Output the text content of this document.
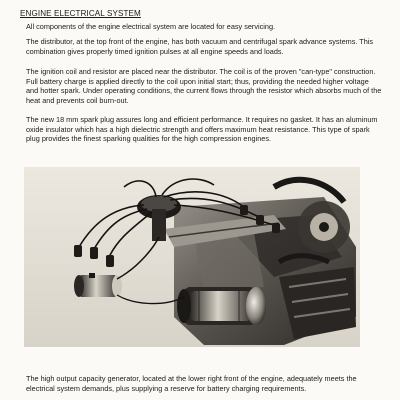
ENGINE ELECTRICAL SYSTEM

All components of the engine electrical system are located for easy servicing.

The distributor, at the top front of the engine, has both vacuum and centrifugal spark advance systems. This combination gives properly timed ignition pulses at all engine speeds and loads.

The ignition coil and resistor are placed near the distributor. The coil is of the proven "can-type" construction. Full battery charge is applied directly to the coil upon initial start; thus, providing the needed higher voltage and hotter spark. Under operating conditions, the current flows through the resistor which absorbs much of the heat and prevents coil burn-out.

The new 18 mm spark plug assures long and efficient performance. It requires no gasket. It has an aluminum oxide insulator which has a high dielectric strength and offers maximum heat resistance. This type of spark plug provides the finest sparking qualities for the high compression engines.

The high output capacity generator, located at the lower right front of the engine, adequately meets the electrical system demands, plus supplying a reserve for battery charging requirements.
